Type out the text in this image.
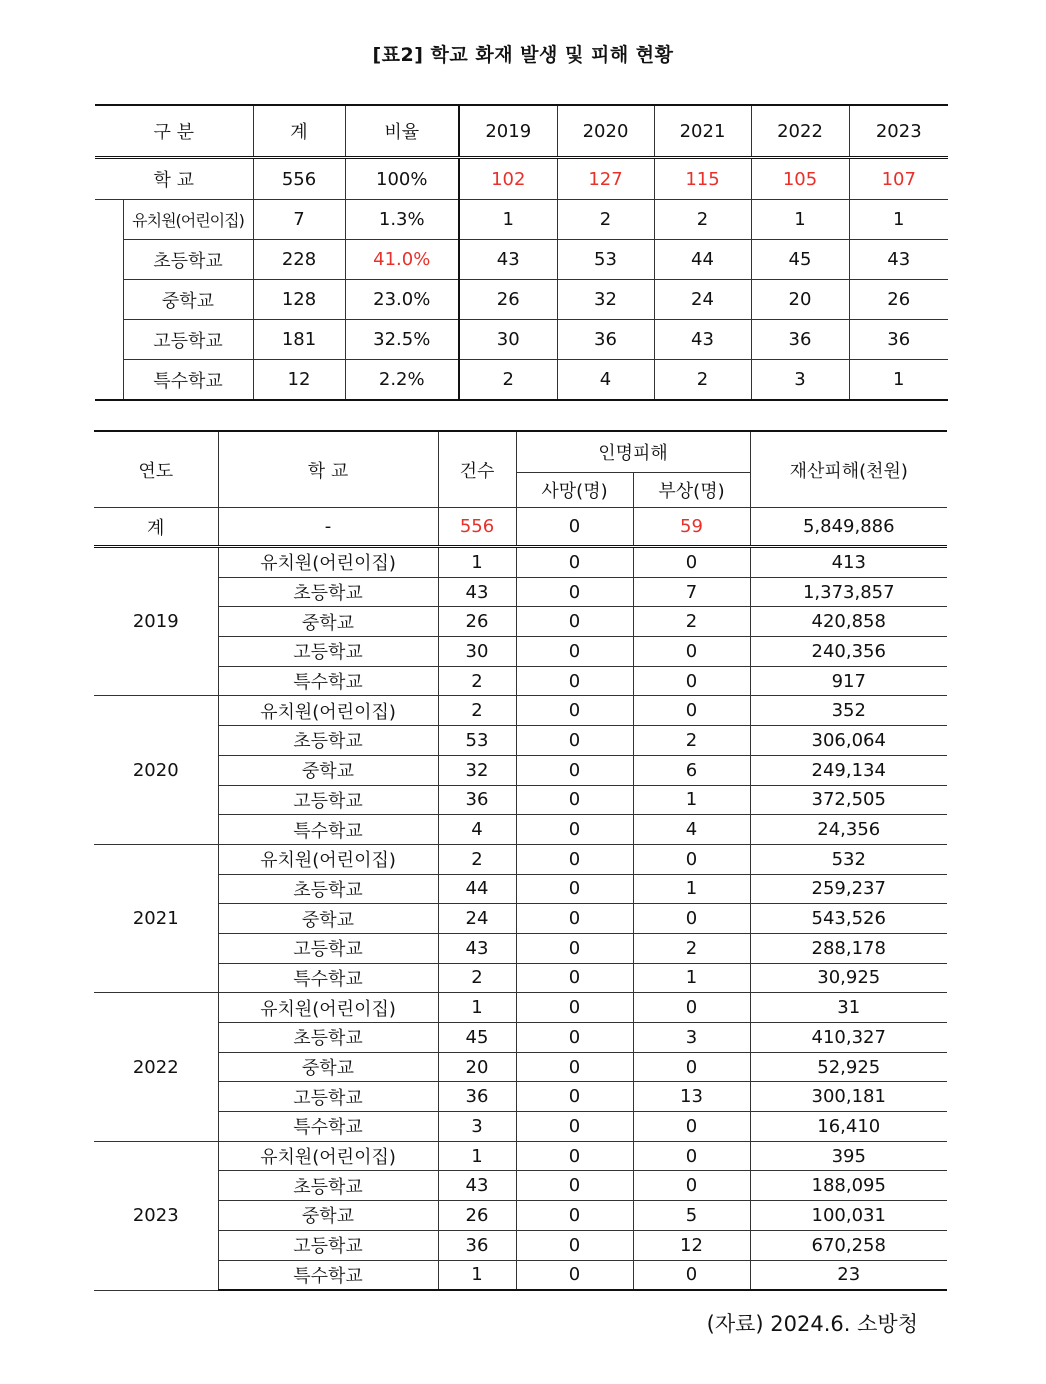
[표2] 학교 화재 발생 및 피해 현황
구 분		계	비율	2019	2020	2021	2022	2023
학 교		556	100%	102	127	115	105	107
	유치원(어린이집)	7	1.3%	1	2	2	1	1
	초등학교	228	41.0%	43	53	44	45	43
	중학교	128	23.0%	26	32	24	20	26
	고등학교	181	32.5%	30	36	43	36	36
	특수학교	12	2.2%	2	4	2	3	1
연도	학 교	건수	인명피해		재산피해(천원)
			사망(명)	부상(명)	
계	-	556	0	59	5,849,886
2019	유치원(어린이집)	1	0	0	413
	초등학교	43	0	7	1,373,857
	중학교	26	0	2	420,858
	고등학교	30	0	0	240,356
	특수학교	2	0	0	917
2020	유치원(어린이집)	2	0	0	352
	초등학교	53	0	2	306,064
	중학교	32	0	6	249,134
	고등학교	36	0	1	372,505
	특수학교	4	0	4	24,356
2021	유치원(어린이집)	2	0	0	532
	초등학교	44	0	1	259,237
	중학교	24	0	0	543,526
	고등학교	43	0	2	288,178
	특수학교	2	0	1	30,925
2022	유치원(어린이집)	1	0	0	31
	초등학교	45	0	3	410,327
	중학교	20	0	0	52,925
	고등학교	36	0	13	300,181
	특수학교	3	0	0	16,410
2023	유치원(어린이집)	1	0	0	395
	초등학교	43	0	0	188,095
	중학교	26	0	5	100,031
	고등학교	36	0	12	670,258
	특수학교	1	0	0	23
(자료) 2024.6. 소방청
